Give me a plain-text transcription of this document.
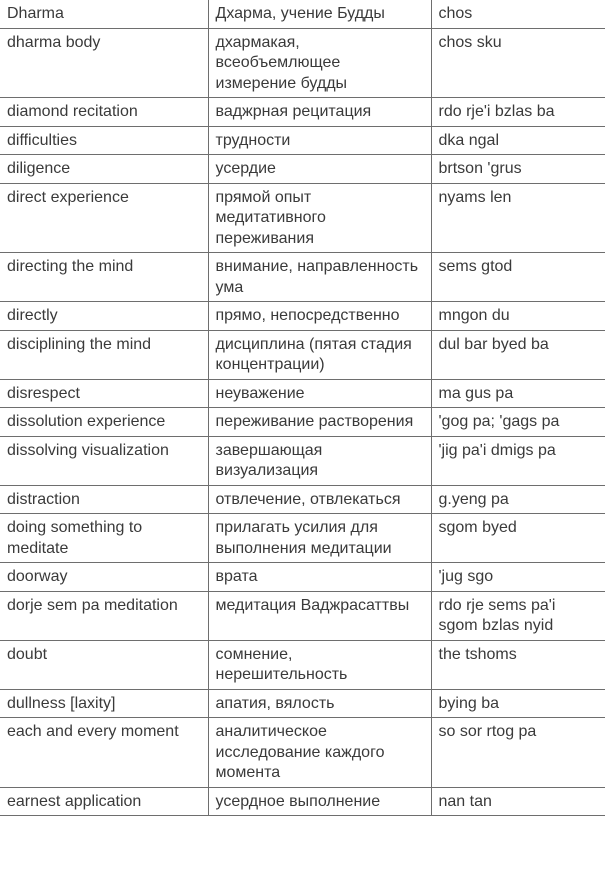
Dharma	Дхарма, учение Будды	chos
dharma body	дхармакая, всеобъемлющее измерение будды	chos sku
diamond recitation	ваджрная рецитация	rdo rje'i bzlas ba
difficulties	трудности	dka ngal
diligence	усердие	brtson 'grus
direct experience	прямой опыт медитативного переживания	nyams len
directing the mind	внимание, направленность ума	sems gtod
directly	прямо, непосредственно	mngon du
disciplining the mind	дисциплина (пятая стадия концентрации)	dul bar byed ba
disrespect	неуважение	ma gus pa
dissolution experience	переживание растворения	'gog pa; 'gags pa
dissolving visualization	завершающая визуализация	'jig pa'i dmigs pa
distraction	отвлечение, отвлекаться	g.yeng pa
doing something to meditate	прилагать усилия для выполнения медитации	sgom byed
doorway	врата	'jug sgo
dorje sem pa meditation	медитация Ваджрасаттвы	rdo rje sems pa'i sgom bzlas nyid
doubt	сомнение, нерешительность	the tshoms
dullness [laxity]	апатия, вялость	bying ba
each and every moment	аналитическое исследование каждого момента	so sor rtog pa
earnest application	усердное выполнение	nan tan
